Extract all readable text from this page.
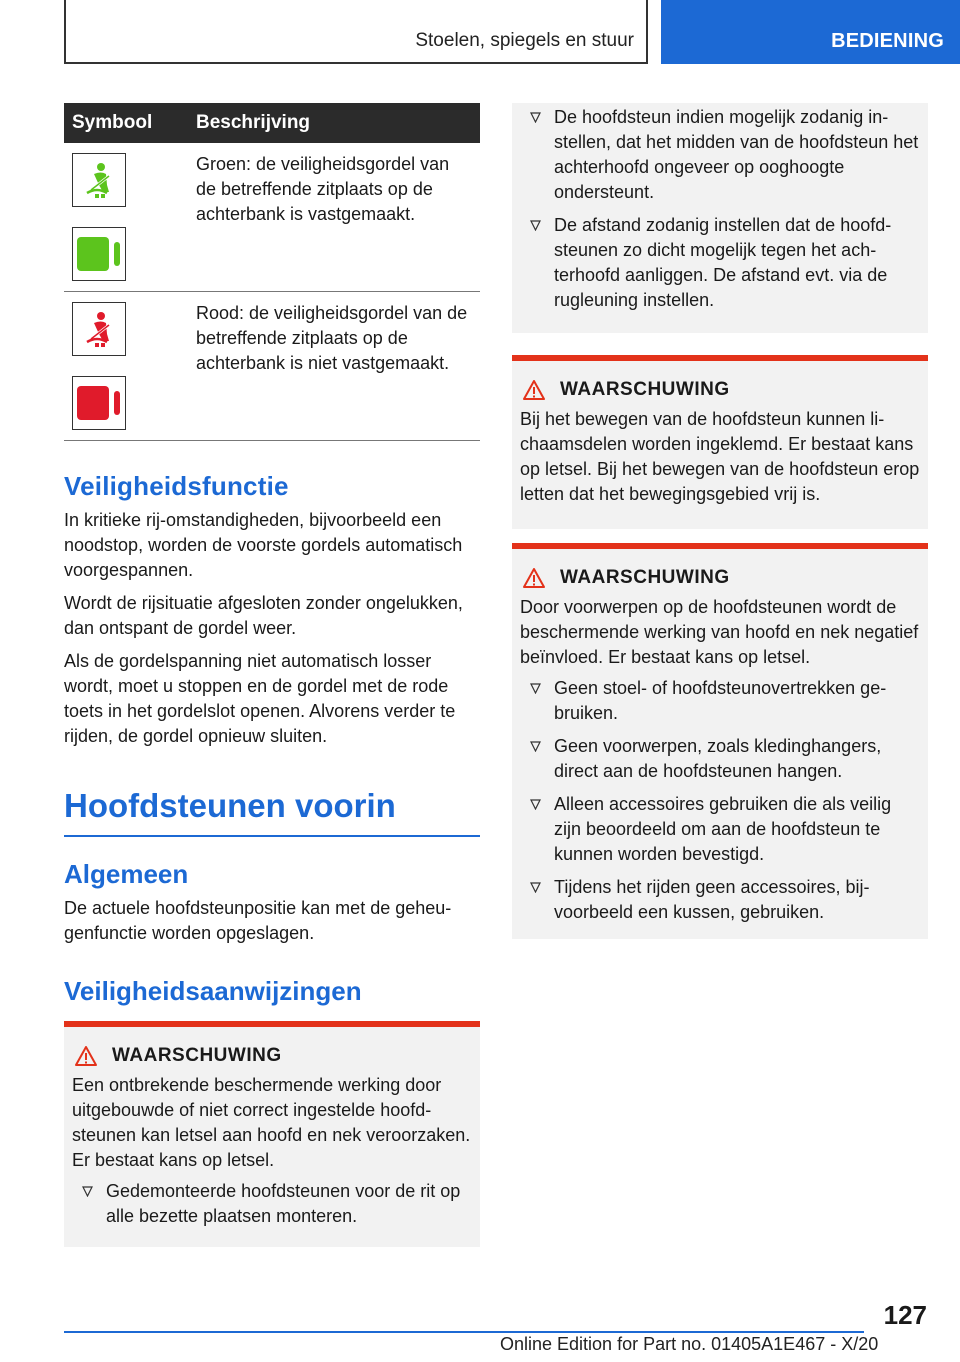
Stoelen, spiegels en stuur	BEDIENING
Symbool	Beschrijving

	Groen: de veiligheidsgordel van de betreffende zitplaats op de achterbank is vastgemaakt.

	Rood: de veiligheidsgordel van de betreffende zitplaats op de achterbank is niet vastgemaakt.
Veiligheidsfunctie

In kritieke rij-omstandigheden, bijvoorbeeld een noodstop, worden de voorste gordels automatisch voorgespannen.

Wordt de rijsituatie afgesloten zonder ongelukken, dan ontspant de gordel weer.

Als de gordelspanning niet automatisch losser wordt, moet u stoppen en de gordel met de rode toets in het gordelslot openen. Alvorens verder te rijden, de gordel opnieuw sluiten.

Hoofdsteunen voorin
Algemeen

De actuele hoofdsteunpositie kan met de geheugenfunctie worden opgeslagen.

Veiligheidsaanwijzingen
WAARSCHUWING

Een ontbrekende beschermende werking door uitgebouwde of niet correct ingestelde hoofdsteunen kan letsel aan hoofd en nek veroorzaken. Er bestaat kans op letsel.

Gedemonteerde hoofdsteunen voor de rit op alle bezette plaatsen monteren.
De hoofdsteun indien mogelijk zodanig instellen, dat het midden van de hoofdsteun het achterhoofd ongeveer op ooghoogte ondersteunt.
De afstand zodanig instellen dat de hoofdsteunen zo dicht mogelijk tegen het achterhoofd aanliggen. De afstand evt. via de rugleuning instellen.
WAARSCHUWING

Bij het bewegen van de hoofdsteun kunnen lichaamsdelen worden ingeklemd. Er bestaat kans op letsel. Bij het bewegen van de hoofdsteun erop letten dat het bewegingsgebied vrij is.

WAARSCHUWING

Door voorwerpen op de hoofdsteunen wordt de beschermende werking van hoofd en nek negatief beïnvloed. Er bestaat kans op letsel.

Geen stoel- of hoofdsteunovertrekken gebruiken.
Geen voorwerpen, zoals kledinghangers, direct aan de hoofdsteunen hangen.
Alleen accessoires gebruiken die als veilig zijn beoordeeld om aan de hoofdsteun te kunnen worden bevestigd.
Tijdens het rijden geen accessoires, bijvoorbeeld een kussen, gebruiken.
127
Online Edition for Part no. 01405A1E467 - X/20
